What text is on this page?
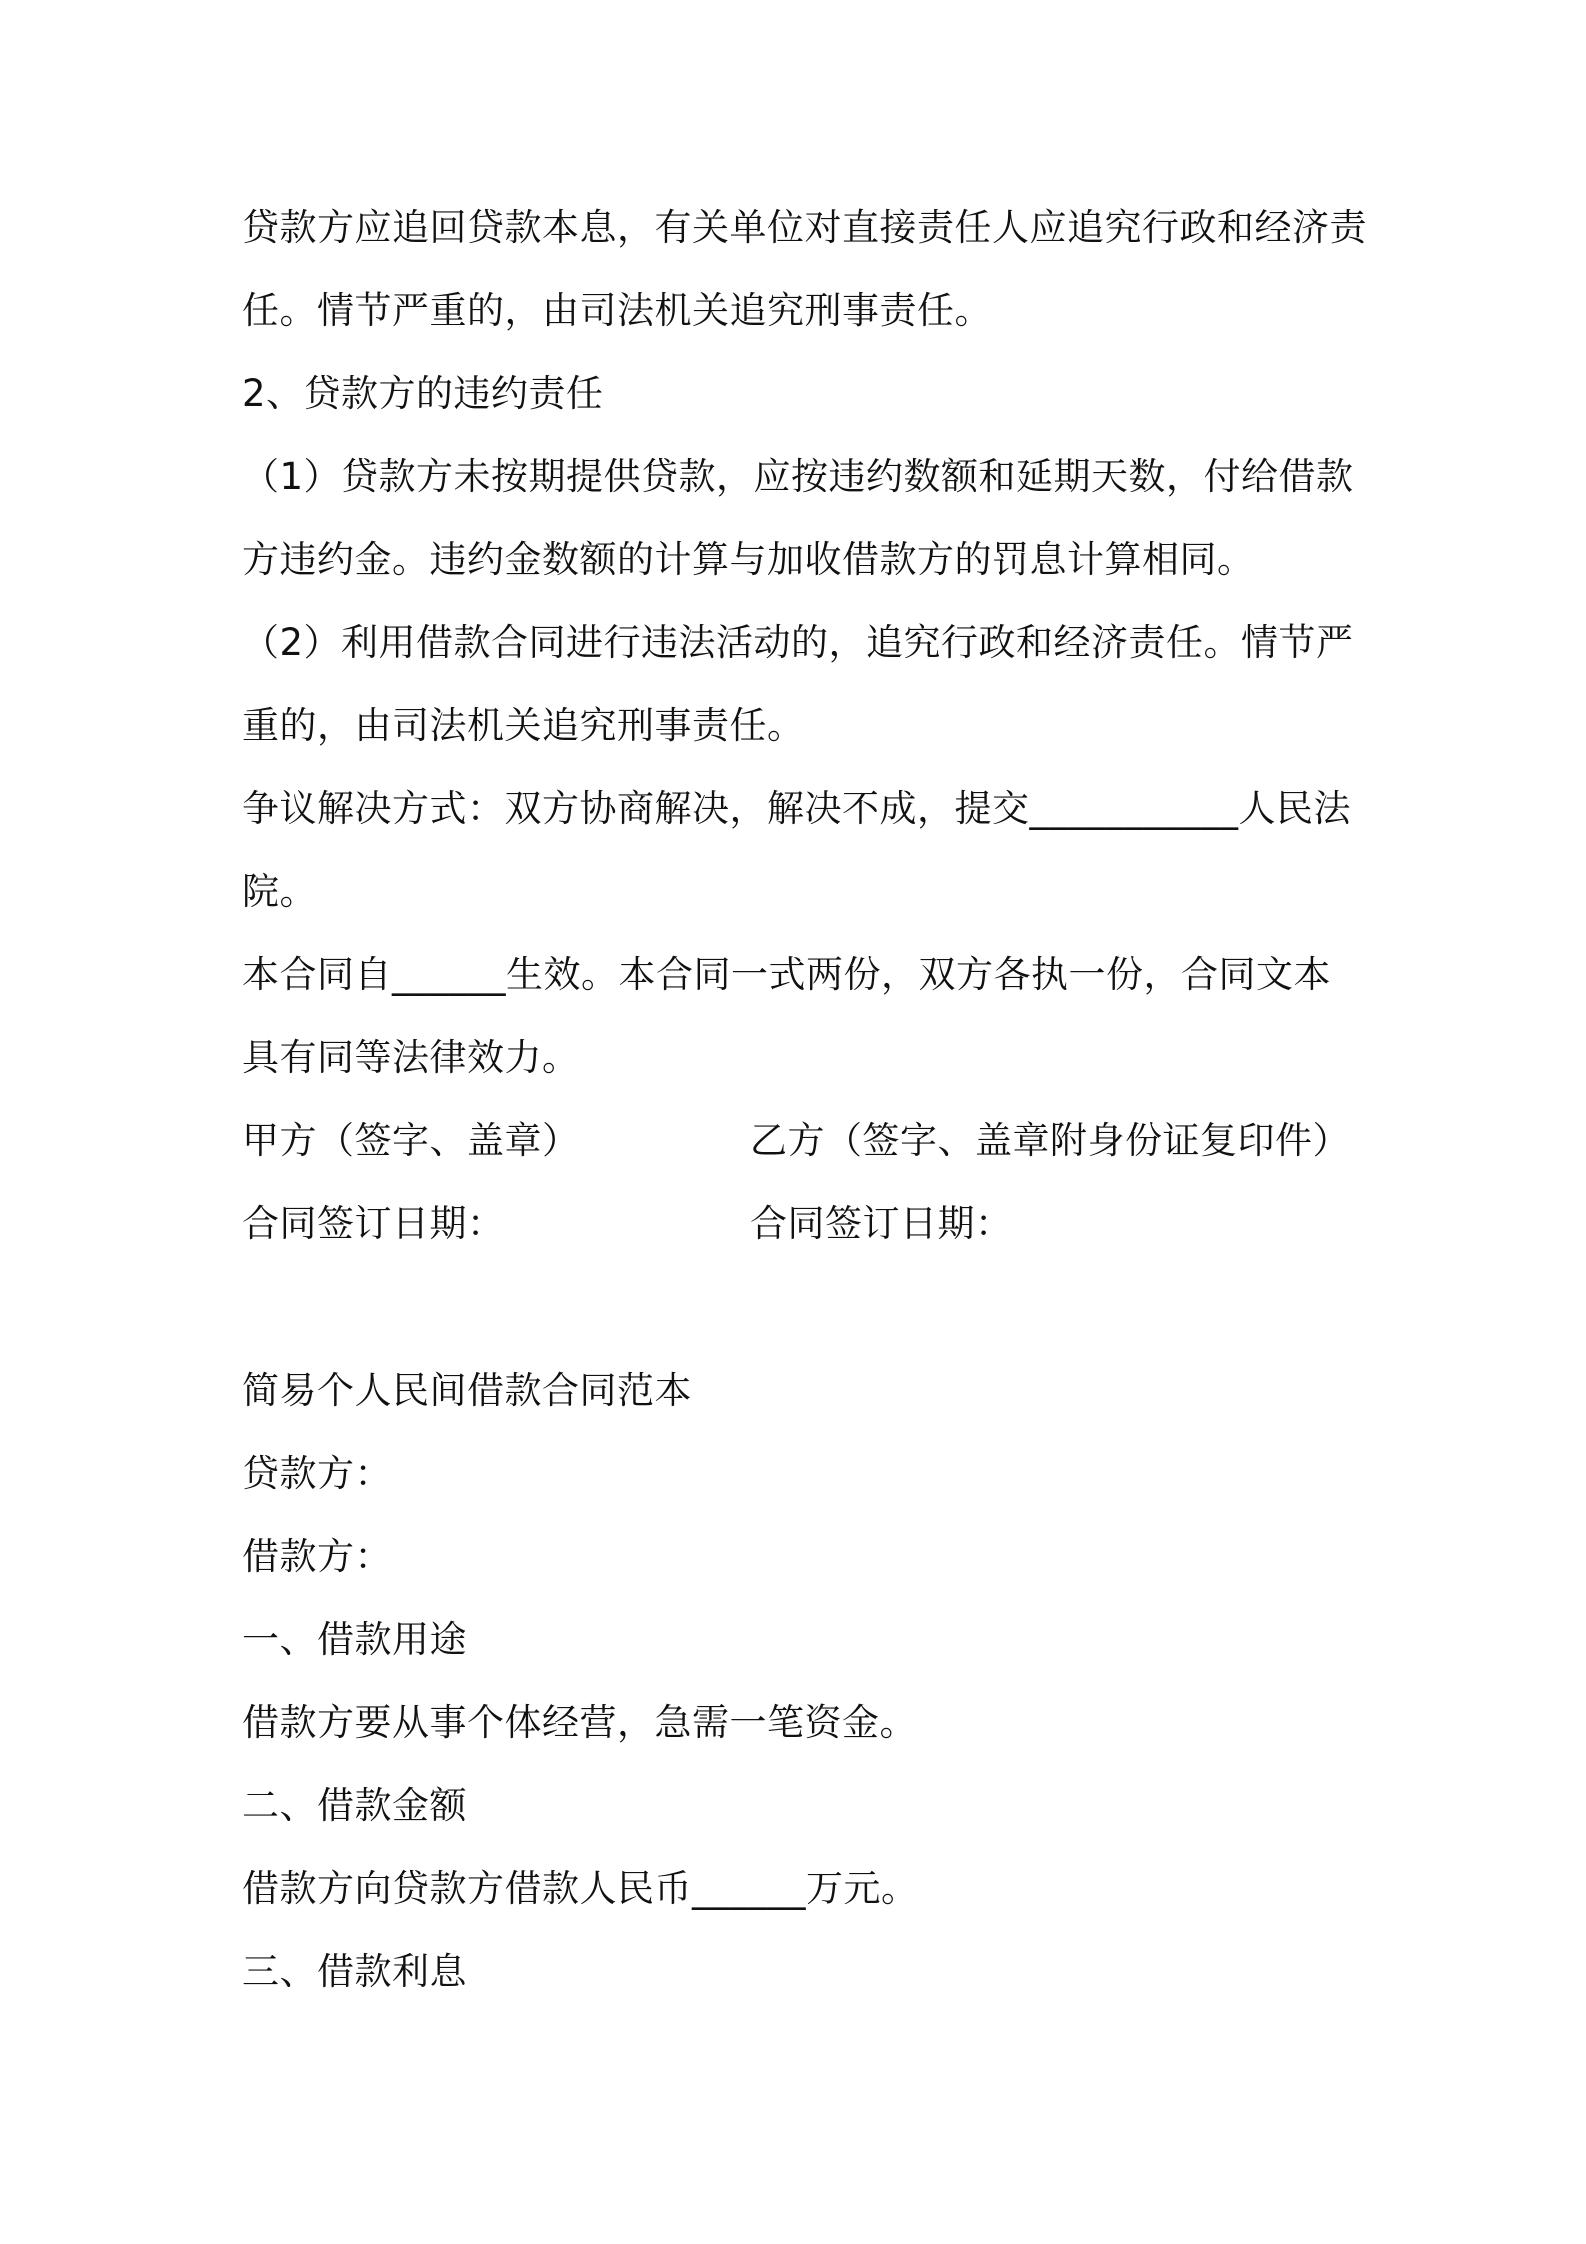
贷款方应追回贷款本息，有关单位对直接责任人应追究行政和经济责
任。情节严重的，由司法机关追究刑事责任。
2、贷款方的违约责任
（1）贷款方未按期提供贷款，应按违约数额和延期天数，付给借款
方违约金。违约金数额的计算与加收借款方的罚息计算相同。
（2）利用借款合同进行违法活动的，追究行政和经济责任。情节严
重的，由司法机关追究刑事责任。
争议解决方式：双方协商解决，解决不成，提交___________人民法
院。
本合同自______生效。本合同一式两份，双方各执一份，合同文本
具有同等法律效力。
甲方（签字、盖章）	乙方（签字、盖章附身份证复印件）
合同签订日期：	合同签订日期：
简易个人民间借款合同范本
贷款方：
借款方：
一、借款用途
借款方要从事个体经营，急需一笔资金。
二、借款金额
借款方向贷款方借款人民币______万元。
三、借款利息
